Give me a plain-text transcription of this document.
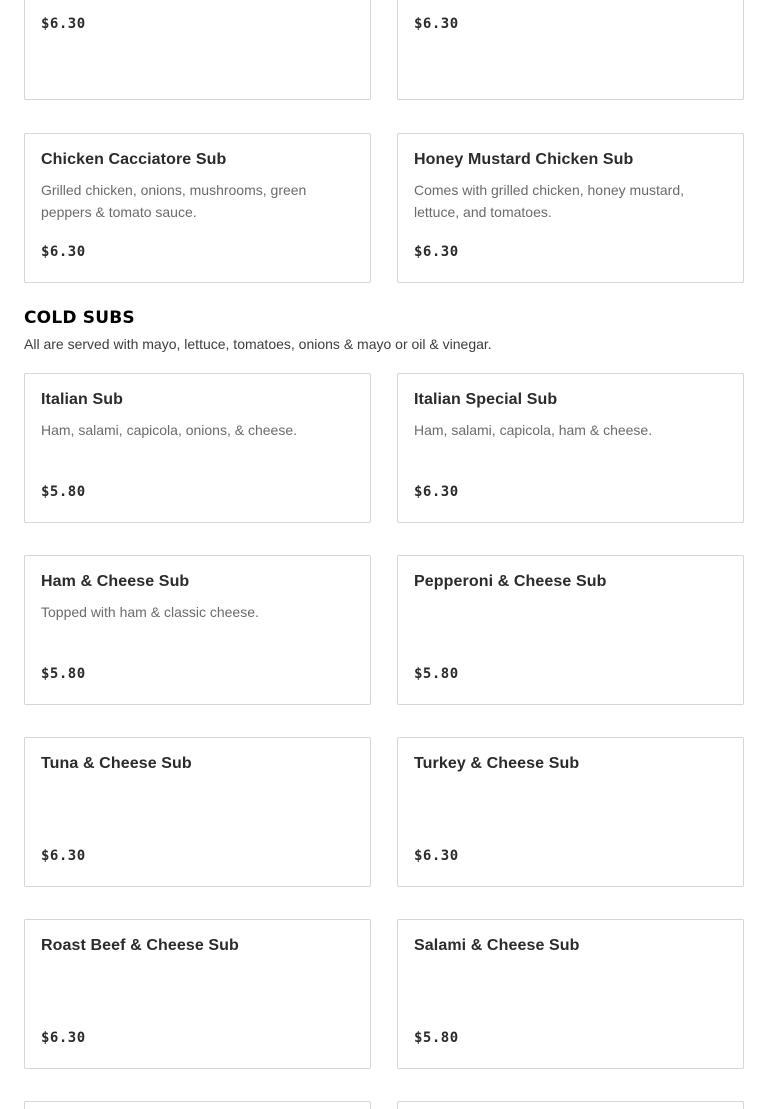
$6.30	$6.30
Chicken Cacciatore Sub
Grilled chicken, onions, mushrooms, green peppers & tomato sauce.
$6.30
Honey Mustard Chicken Sub
Comes with grilled chicken, honey mustard, lettuce, and tomatoes.
$6.30
COLD SUBS
All are served with mayo, lettuce, tomatoes, onions & mayo or oil & vinegar.
Italian Sub
Ham, salami, capicola, onions, & cheese.
$5.80
Italian Special Sub
Ham, salami, capicola, ham & cheese.
$6.30
Ham & Cheese Sub
Topped with ham & classic cheese.
$5.80
Pepperoni & Cheese Sub
$5.80
Tuna & Cheese Sub
$6.30
Turkey & Cheese Sub
$6.30
Roast Beef & Cheese Sub
$6.30
Salami & Cheese Sub
$5.80
